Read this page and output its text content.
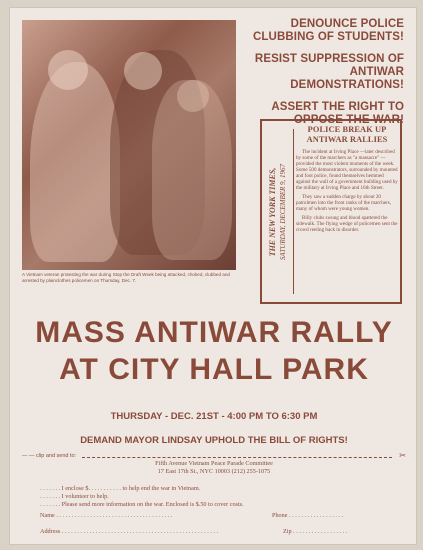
A Vietnam veteran protesting the war during Stop the Draft Week being attacked, choked, clubbed and arrested by plainclothes policemen on Thursday, Dec. 7.
DENOUNCE POLICE CLUBBING OF STUDENTS!
RESIST SUPPRESSION OF ANTIWAR DEMONSTRATIONS!
ASSERT THE RIGHT TO OPPOSE THE WAR!
THE NEW YORK TIMES, SATURDAY, DECEMBER 9, 1967
POLICE BREAK UP ANTIWAR RALLIES

The incident at Irving Place —later described by some of the marchers as "a massacre" —provided the most violent moments of the week. Some 500 demonstrators, surrounded by mounted and foot police, found themselves hemmed against the wall of a government building used by the military at Irving Place and 16th Street.

They saw a sudden charge by about 20 patrolmen into the front ranks of the marchers, many of whom were young women.

Billy clubs swung and blood spattered the sidewalk. The flying wedge of policemen sent the crowd reeling back in disorder.

MASS ANTIWAR RALLY
AT CITY HALL PARK
THURSDAY - DEC. 21ST - 4:00 PM TO 6:30 PM
DEMAND MAYOR LINDSAY UPHOLD THE BILL OF RIGHTS!
— — clip and send to:	✂
Fifth Avenue Vietnam Peace Parade Committee
17 East 17th St., NYC 10003 (212) 255-1075
. . . . . . . I enclose $. . . . . . . . . . . to help end the war in Vietnam.
. . . . . . . I volunteer to help.
. . . . . . . Please send more information on the war. Enclosed is $.50 to cover costs.
Name . . . . . . . . . . . . . . . . . . . . . . . . . . . . . . . . . . . . . .	Phone . . . . . . . . . . . . . . . . . .
Address . . . . . . . . . . . . . . . . . . . . . . . . . . . . . . . . . . . . . . . . . . . . . . . . . . .	Zip . . . . . . . . . . . . . . . . . .
